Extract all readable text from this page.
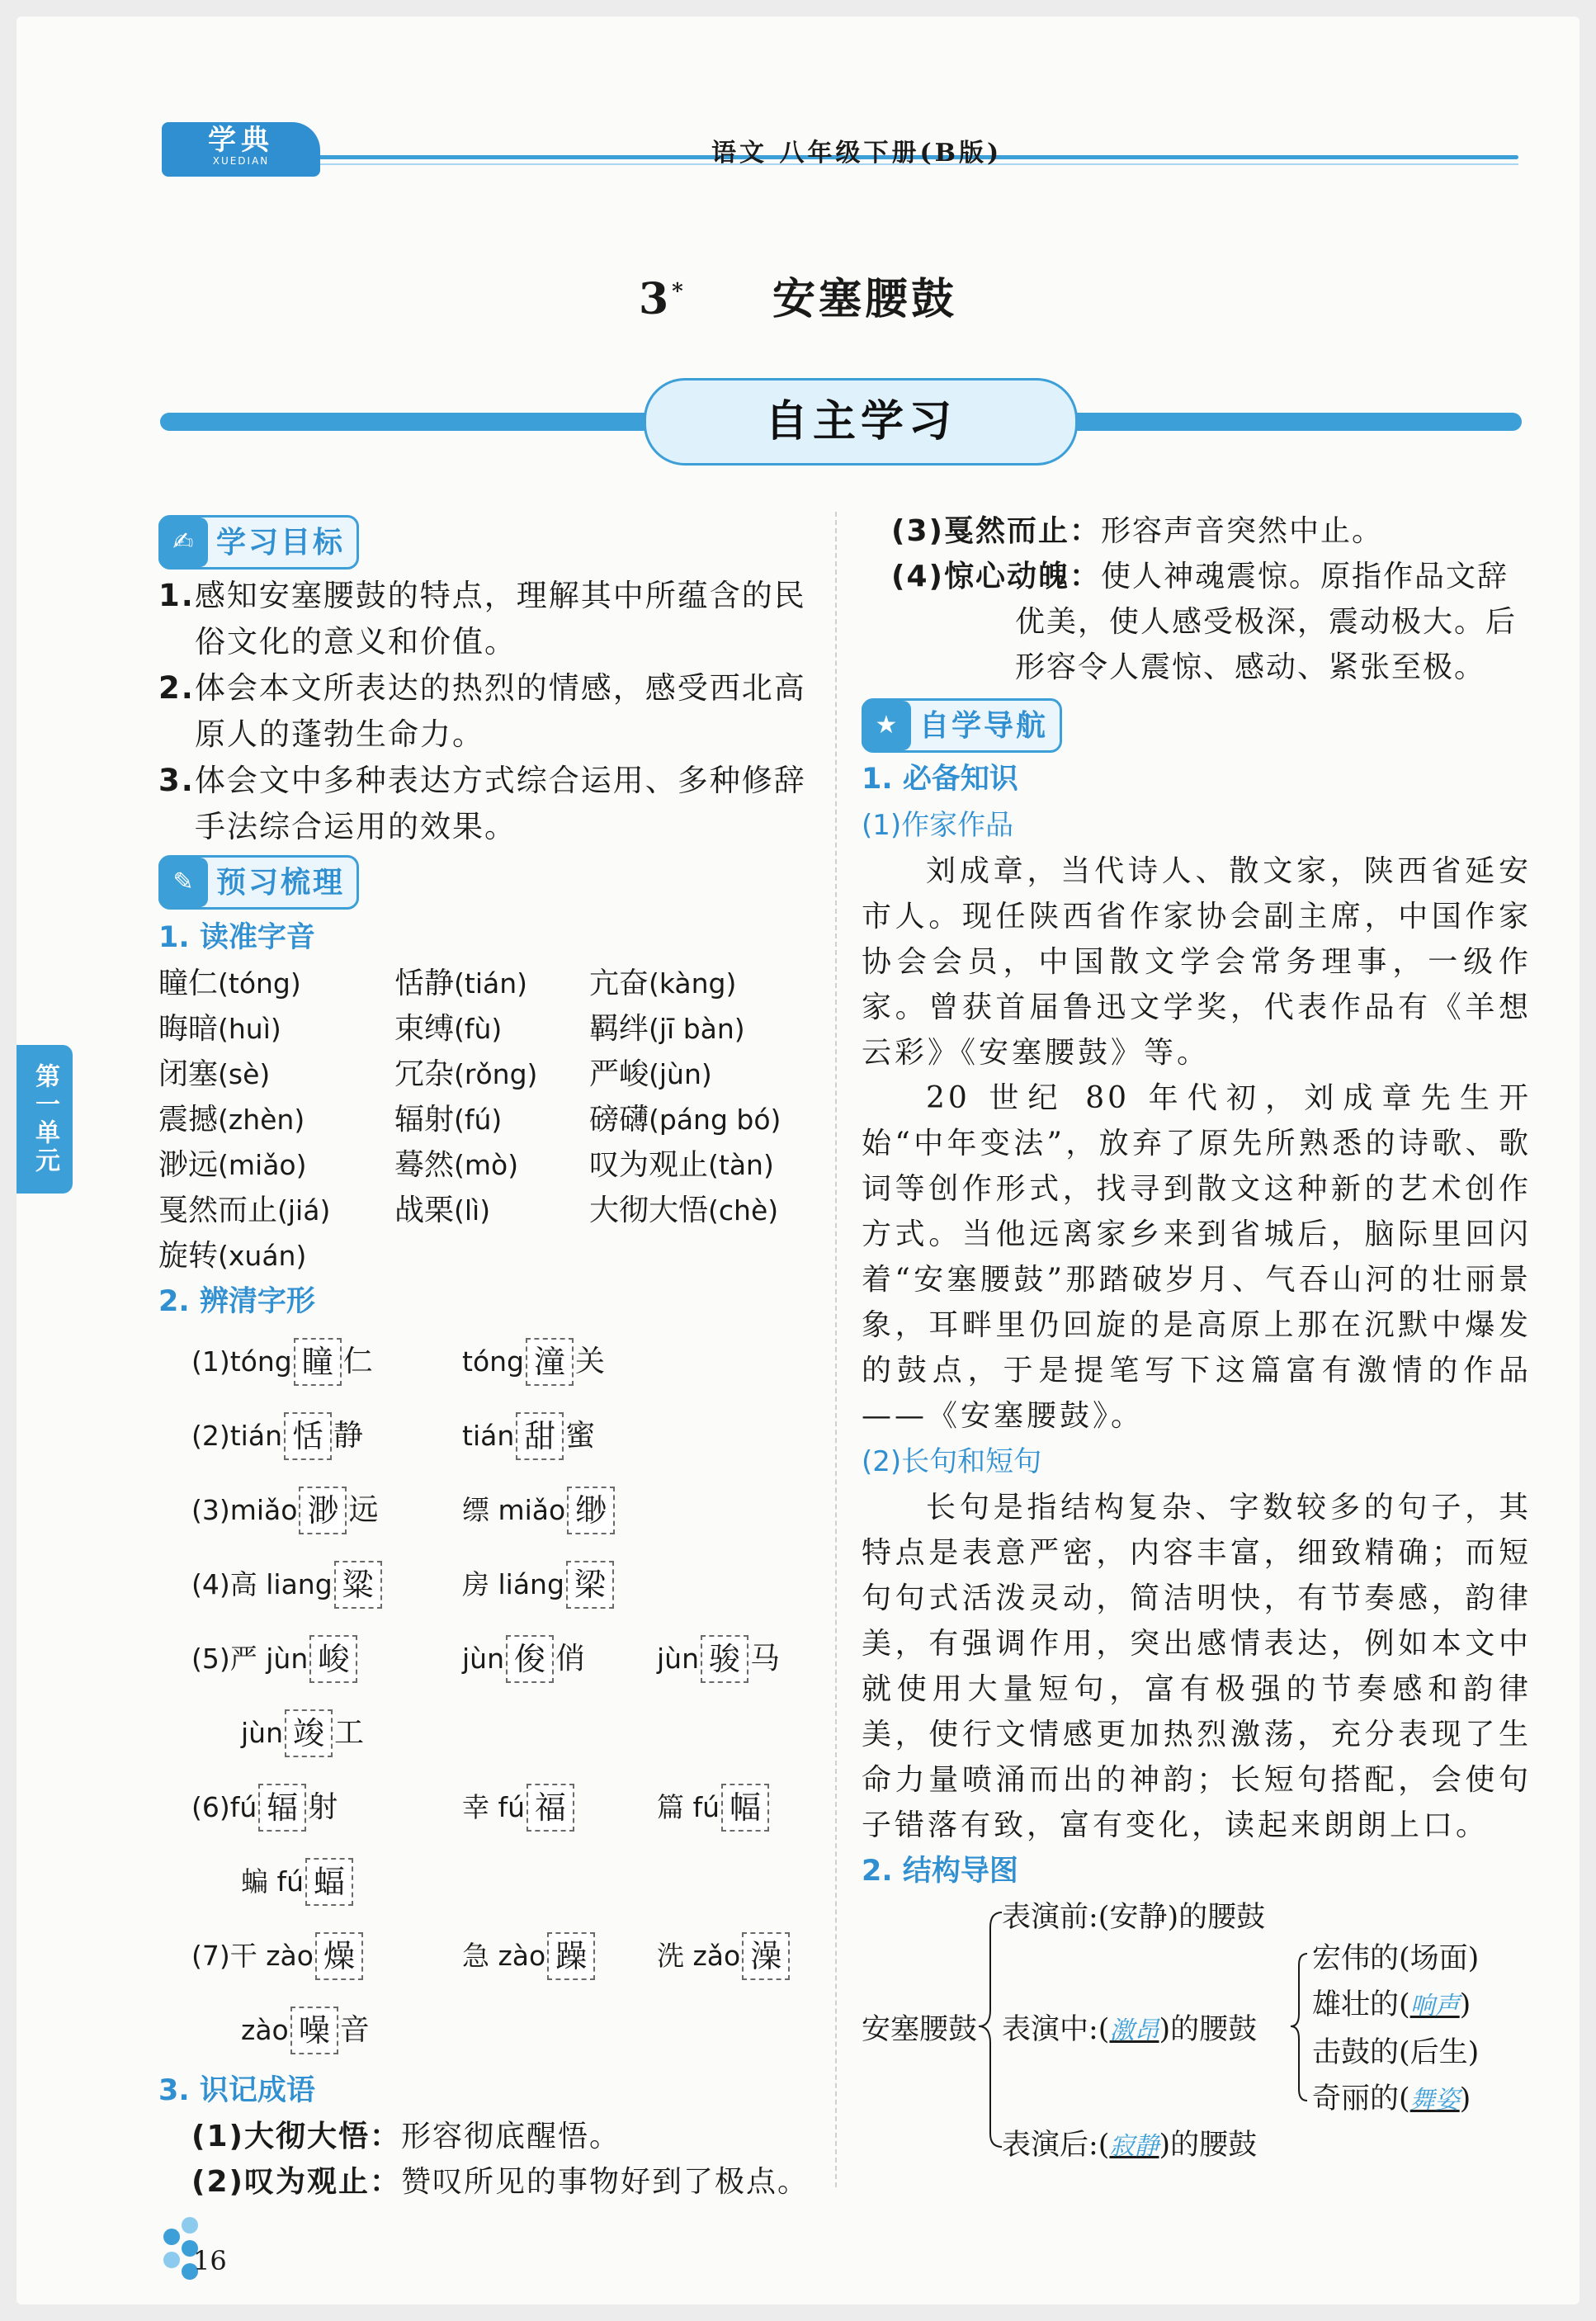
学典
XUEDIAN	语文 八年级下册(B版)
3* 安塞腰鼓
自主学习
第一单元
✍ 学习目标
1.感知安塞腰鼓的特点，理解其中所蕴含的民俗文化的意义和价值。
2.体会本文所表达的热烈的情感，感受西北高原人的蓬勃生命力。
3.体会文中多种表达方式综合运用、多种修辞手法综合运用的效果。
✎ 预习梳理
1. 读准字音
瞳仁(tóng)	恬静(tián)	亢奋(kàng)
晦暗(huì)	束缚(fù)	羁绊(jī bàn)
闭塞(sè)	冗杂(rǒng)	严峻(jùn)
震撼(zhèn)	辐射(fú)	磅礴(páng bó)
渺远(miǎo)	蓦然(mò)	叹为观止(tàn)
戛然而止(jiá)	战栗(lì)	大彻大悟(chè)
旋转(xuán)
2. 辨清字形
(1)tóng 瞳 仁	tóng 潼 关
(2)tián 恬 静	tián 甜 蜜
(3)miǎo 渺 远	缥 miǎo 缈
(4)高 liang 粱	房 liáng 梁
(5)严 jùn 峻	jùn 俊 俏	jùn 骏 马
jùn 竣 工
(6)fú 辐 射	幸 fú 福	篇 fú 幅
蝙 fú 蝠
(7)干 zào 燥	急 zào 躁	洗 zǎo 澡
zào 噪 音
3. 识记成语
(1)大彻大悟：形容彻底醒悟。
(2)叹为观止：赞叹所见的事物好到了极点。
(3)戛然而止：形容声音突然中止。
(4)惊心动魄：使人神魂震惊。原指作品文辞优美，使人感受极深，震动极大。后形容令人震惊、感动、紧张至极。
★ 自学导航
1. 必备知识
(1)作家作品
刘成章，当代诗人、散文家，陕西省延安市人。现任陕西省作家协会副主席，中国作家协会会员，中国散文学会常务理事，一级作家。曾获首届鲁迅文学奖，代表作品有《羊想云彩》《安塞腰鼓》等。
20 世纪 80 年代初，刘成章先生开始“中年变法”，放弃了原先所熟悉的诗歌、歌词等创作形式，找寻到散文这种新的艺术创作方式。当他远离家乡来到省城后，脑际里回闪着“安塞腰鼓”那踏破岁月、气吞山河的壮丽景象，耳畔里仍回旋的是高原上那在沉默中爆发的鼓点，于是提笔写下这篇富有激情的作品——《安塞腰鼓》。
(2)长句和短句
长句是指结构复杂、字数较多的句子，其特点是表意严密，内容丰富，细致精确；而短句句式活泼灵动，简洁明快，有节奏感，韵律美，有强调作用，突出感情表达，例如本文中就使用大量短句，富有极强的节奏感和韵律美，使行文情感更加热烈激荡，充分表现了生命力量喷涌而出的神韵；长短句搭配，会使句子错落有致，富有变化，读起来朗朗上口。
2. 结构导图
安塞腰鼓
表演前:(安静)的腰鼓
表演中:(激昂)的腰鼓
表演后:(寂静)的腰鼓
宏伟的(场面)
雄壮的(响声)
击鼓的(后生)
奇丽的(舞姿)
16
